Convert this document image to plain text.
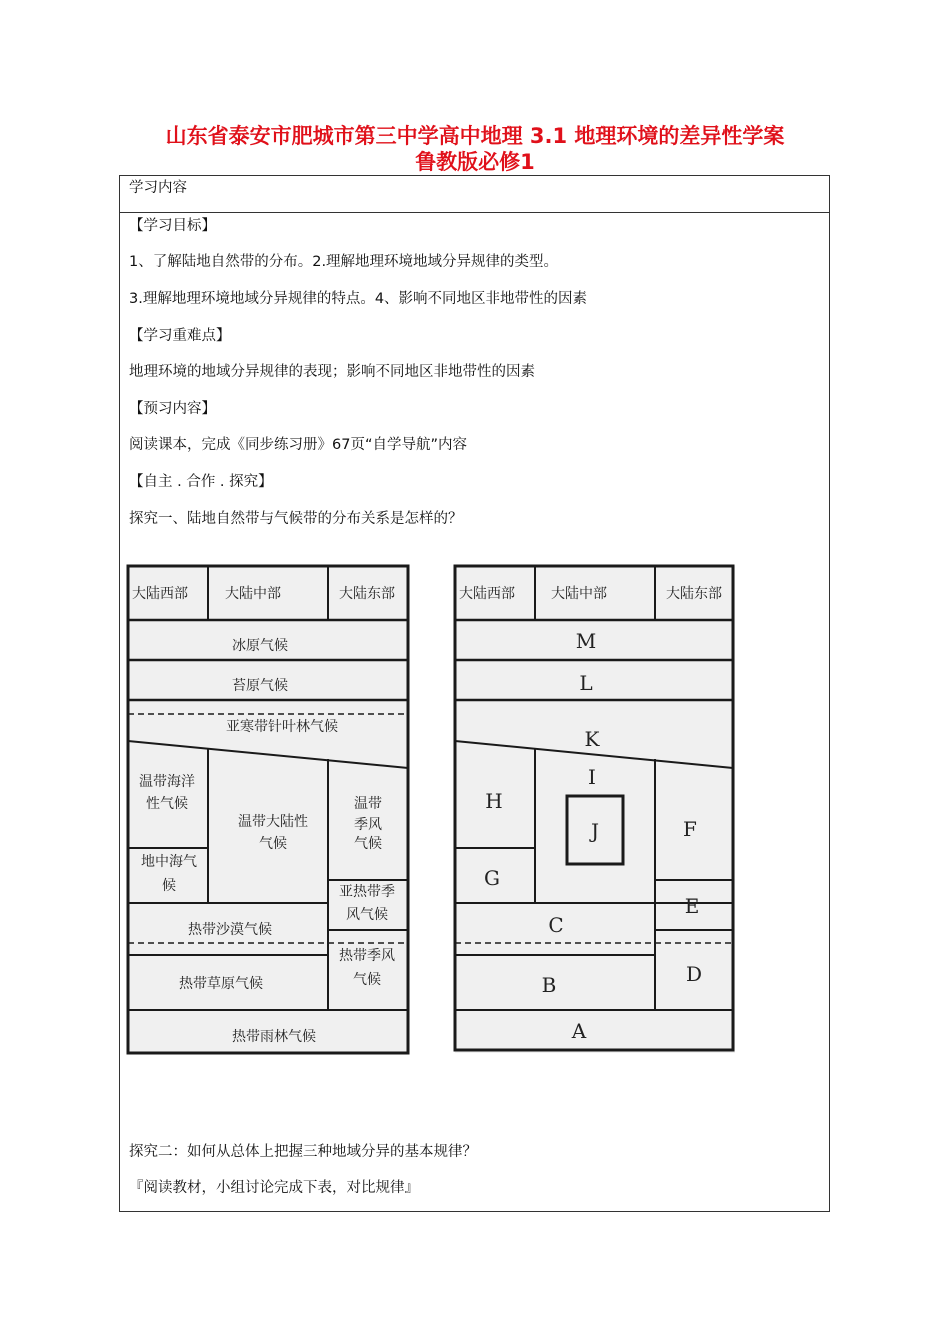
山东省泰安市肥城市第三中学高中地理 3.1 地理环境的差异性学案
鲁教版必修1
学习内容
【学习目标】
1、了解陆地自然带的分布。2.理解地理环境地域分异规律的类型。
3.理解地理环境地域分异规律的特点。4、影响不同地区非地带性的因素
【学习重难点】
地理环境的地域分异规律的表现；影响不同地区非地带性的因素
【预习内容】
阅读课本，完成《同步练习册》67页“自学导航”内容
【自主 . 合作 . 探究】
探究一、陆地自然带与气候带的分布关系是怎样的？
大陆西部	大陆中部	大陆东部
冰原气候
苔原气候
亚寒带针叶林气候
温带海洋
性气候
温带大陆性
气候
温带
季风
气候
地中海气
候	亚热带季
风气候
热带沙漠气候
热带季风
气候
热带草原气候
热带雨林气候
大陆西部	大陆中部	大陆东部
M
L
K
I
J
H
G
F
E
C
D
B
A
探究二：如何从总体上把握三种地域分异的基本规律？
『阅读教材，小组讨论完成下表，对比规律』
